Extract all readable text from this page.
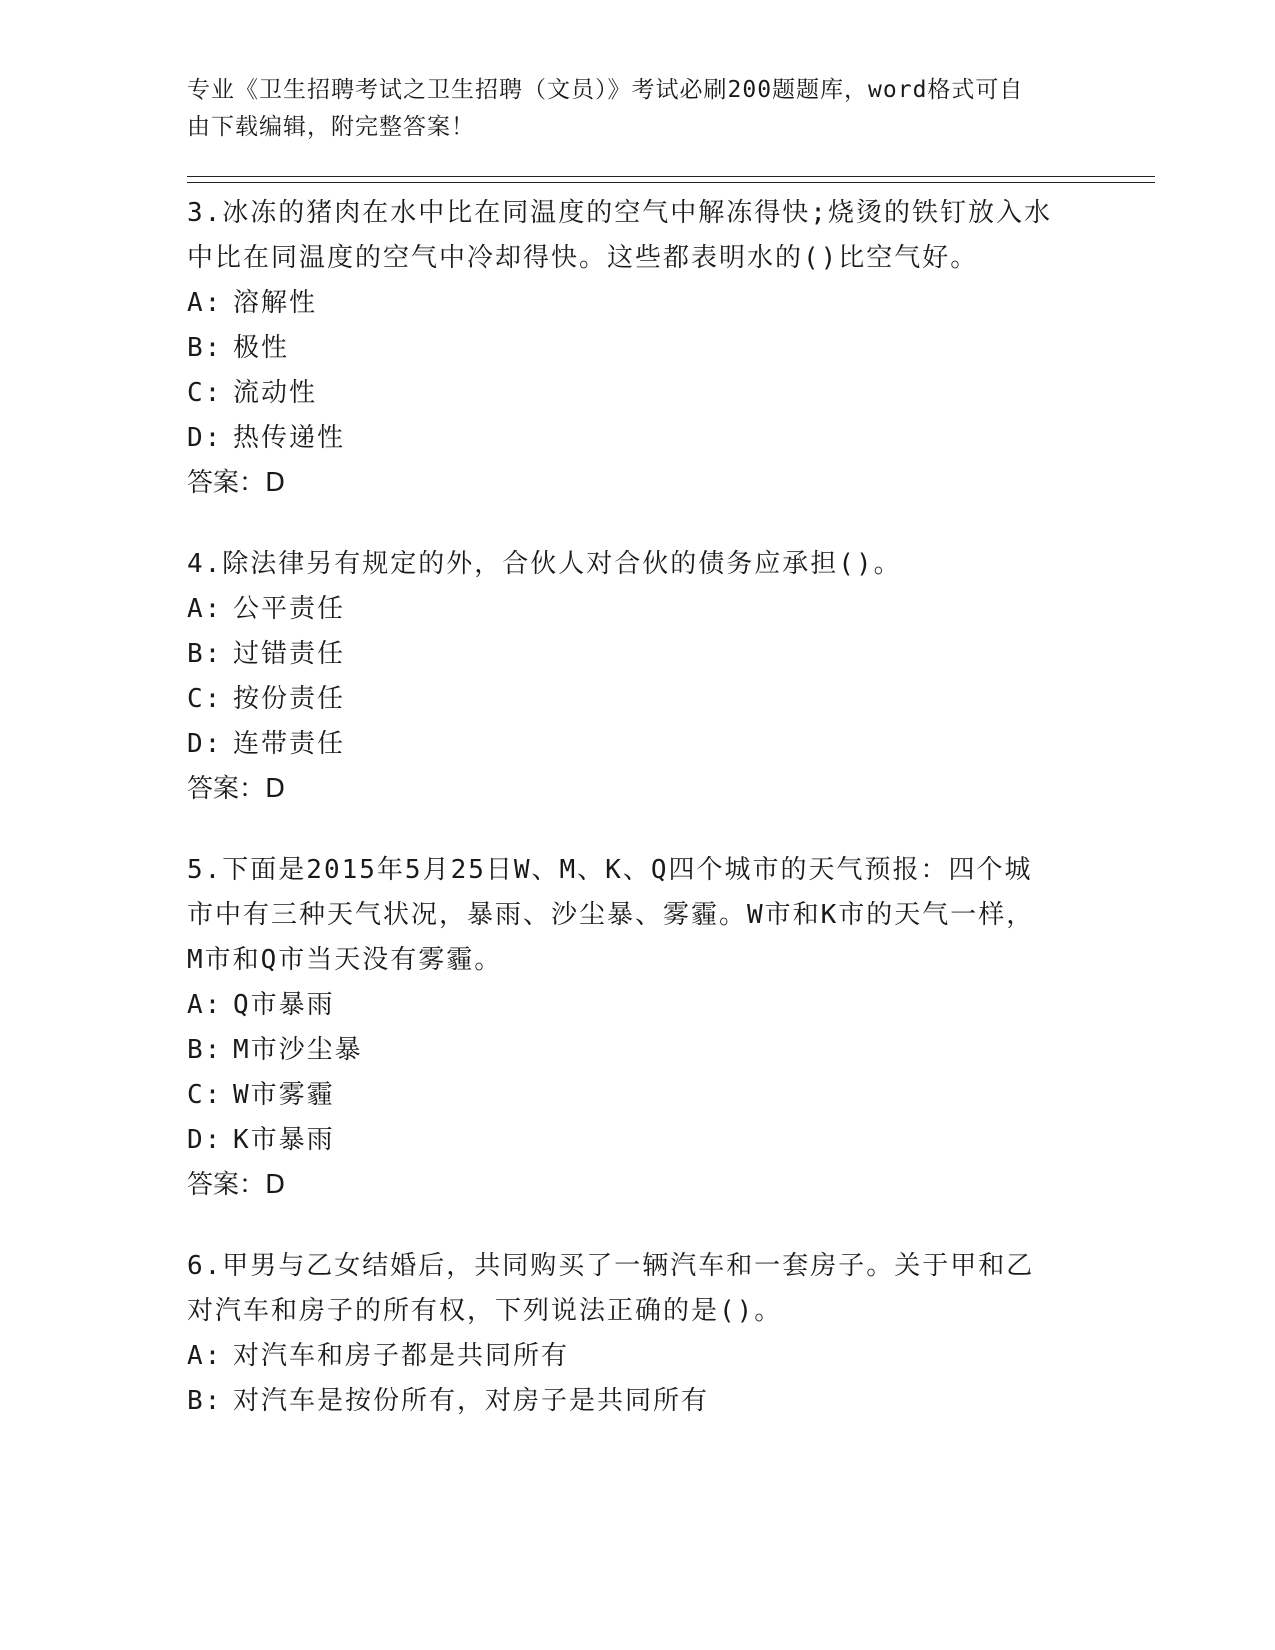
专业《卫生招聘考试之卫生招聘（文员）》考试必刷200题题库，word格式可自
由下载编辑，附完整答案！
3.冰冻的猪肉在水中比在同温度的空气中解冻得快;烧烫的铁钉放入水
中比在同温度的空气中冷却得快。这些都表明水的()比空气好。
A: 溶解性
B: 极性
C: 流动性
D: 热传递性
答案：D
4.除法律另有规定的外，合伙人对合伙的债务应承担()。
A: 公平责任
B: 过错责任
C: 按份责任
D: 连带责任
答案：D
5.下面是2015年5月25日W、M、K、Q四个城市的天气预报：四个城
市中有三种天气状况，暴雨、沙尘暴、雾霾。W市和K市的天气一样，
M市和Q市当天没有雾霾。
A: Q市暴雨
B: M市沙尘暴
C: W市雾霾
D: K市暴雨
答案：D
6.甲男与乙女结婚后，共同购买了一辆汽车和一套房子。关于甲和乙
对汽车和房子的所有权，下列说法正确的是()。
A: 对汽车和房子都是共同所有
B: 对汽车是按份所有，对房子是共同所有
